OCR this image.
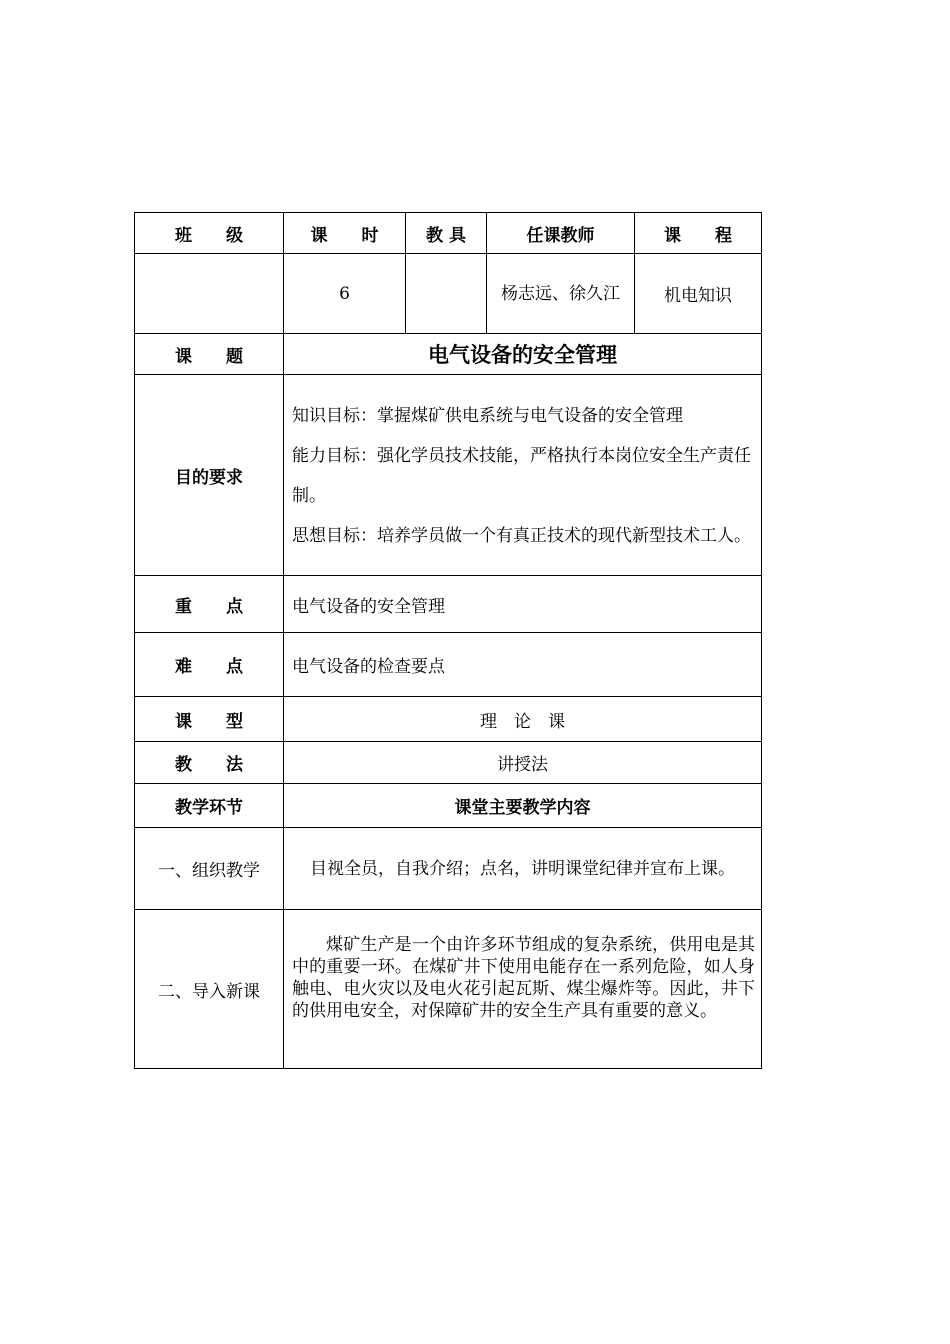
班　　级	课　　时	教 具	任课教师	课　　程
	6		杨志远、徐久江	机电知识
课　　题	电气设备的安全管理			
目的要求	知识目标：掌握煤矿供电系统与电气设备的安全管理
能力目标：强化学员技术技能，严格执行本岗位安全生产责任制。
思想目标：培养学员做一个有真正技术的现代新型技术工人。			

重　　点	电气设备的安全管理			
难　　点	电气设备的检查要点			
课　　型	理　论　课			
教　　法	讲授法			
教学环节	课堂主要教学内容			
一、组织教学	目视全员，自我介绍；点名，讲明课堂纪律并宣布上课。			

二、导入新课	煤矿生产是一个由许多环节组成的复杂系统，供用电是其中的重要一环。在煤矿井下使用电能存在一系列危险，如人身触电、电火灾以及电火花引起瓦斯、煤尘爆炸等。因此，井下的供用电安全，对保障矿井的安全生产具有重要的意义。			
